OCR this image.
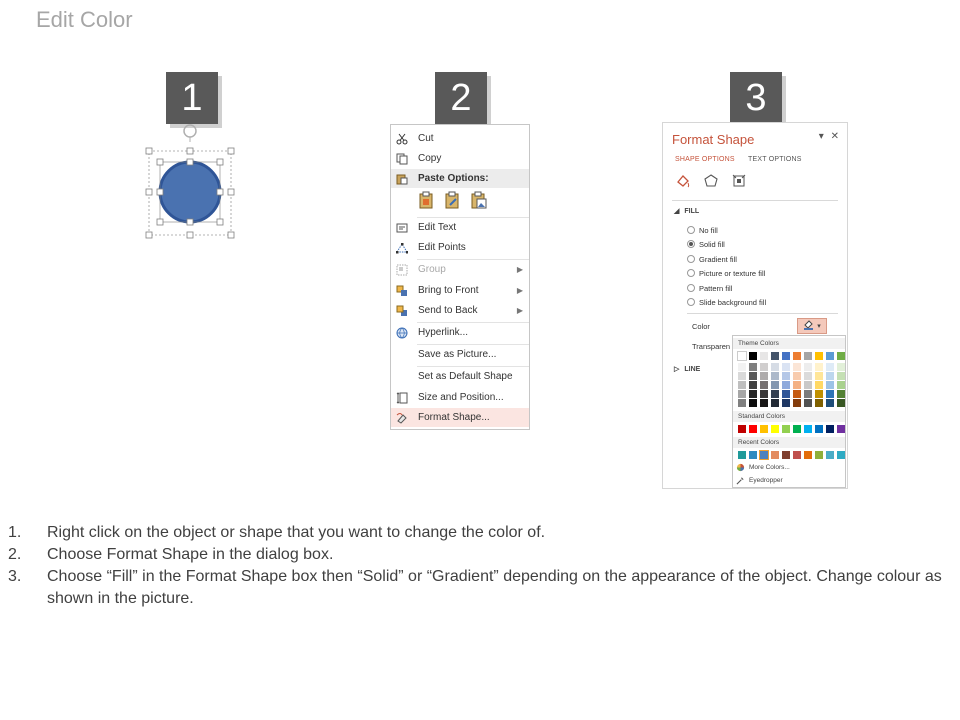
Edit Color
1	2	3
Cut
Copy
Paste Options:
Edit Text
Edit Points
Group	▶
Bring to Front	▶
Send to Back	▶
Hyperlink...
Save as Picture...
Set as Default Shape
Size and Position...
Format Shape...
Format Shape	▾ ✕
SHAPE OPTIONS TEXT OPTIONS
◢ FILL
No fill
Solid fill
Gradient fill
Picture or texture fill
Pattern fill
Slide background fill
Color	▾
Transparen
▷ LINE
Theme Colors
Standard Colors
Recent Colors
More Colors...
Eyedropper
1.	Right click on the object or shape that you want to change the color of.
2.	Choose Format Shape in the dialog box.
3.	Choose “Fill” in the Format Shape box then “Solid” or “Gradient” depending on the appearance of the object. Change colour as shown in the picture.
